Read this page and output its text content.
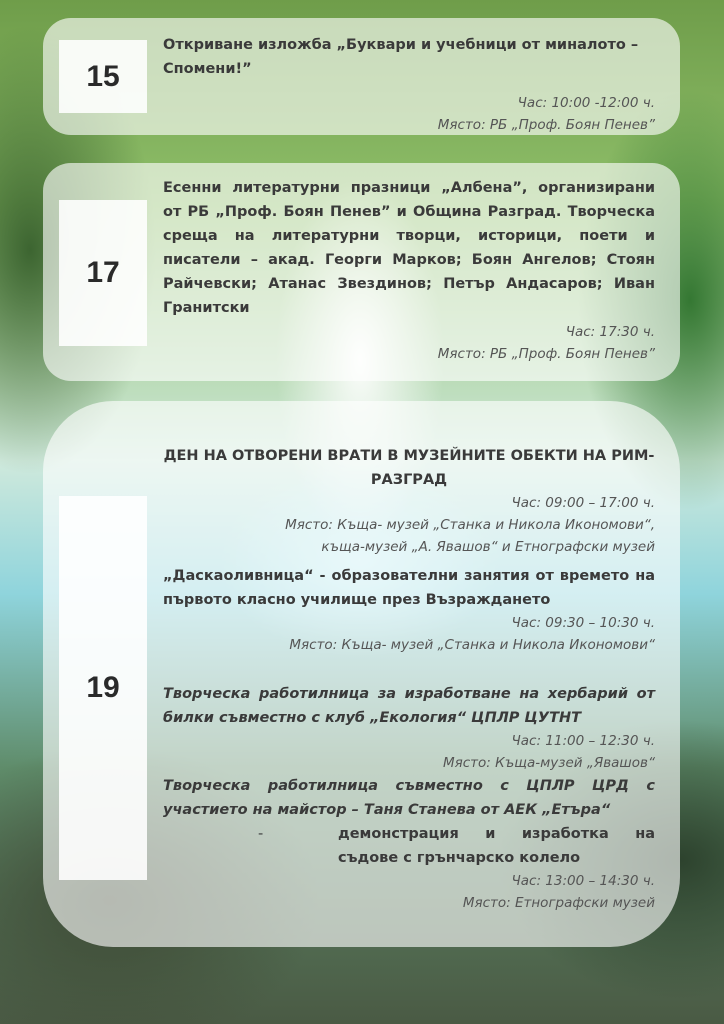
15
Откриване изложба „Буквари и учебници от миналото – Спомени!”
Час: 10:00 -12:00 ч.
Място: РБ „Проф. Боян Пенев”
17
Есенни литературни празници „Албена”, организирани от РБ „Проф. Боян Пенев” и Община Разград. Творческа среща на литературни творци, историци, поети и писатели – акад. Георги Марков; Боян Ангелов; Стоян Райчевски; Атанас Звездинов; Петър Андасаров; Иван Гранитски
Час: 17:30 ч.
Място: РБ „Проф. Боян Пенев”
19
ДЕН НА ОТВОРЕНИ ВРАТИ В МУЗЕЙНИТЕ ОБЕКТИ НА РИМ-
РАЗГРАД
Час: 09:00 – 17:00 ч.
Място: Къща- музей „Станка и Никола Икономови“,
къща-музей „А. Явашов“ и Етнографски музей
„Даскаоливница“ - образователни занятия от времето на първото класно училище през Възраждането
Час: 09:30 – 10:30 ч.
Място: Къща- музей „Станка и Никола Икономови“
Творческа работилница за изработване на хербарий от билки съвместно с клуб „Екология“ ЦПЛР ЦУТНТ
Час: 11:00 – 12:30 ч.
Място: Къща-музей „Явашов“
Творческа работилница съвместно с ЦПЛР ЦРД с участието на майстор – Таня Станева от АЕК „Етъра“
-	демонстрация и изработка на съдове с грънчарско колело
Час: 13:00 – 14:30 ч.
Място: Етнографски музей
